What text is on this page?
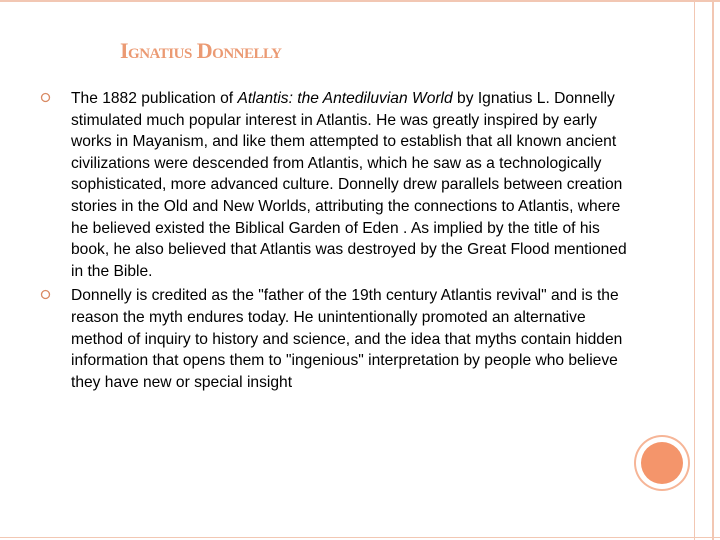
Ignatius Donnelly
The 1882 publication of Atlantis: the Antediluvian World by Ignatius L. Donnelly stimulated much popular interest in Atlantis. He was greatly inspired by early works in Mayanism, and like them attempted to establish that all known ancient civilizations were descended from Atlantis, which he saw as a technologically sophisticated, more advanced culture. Donnelly drew parallels between creation stories in the Old and New Worlds, attributing the connections to Atlantis, where he believed existed the Biblical Garden of Eden . As implied by the title of his book, he also believed that Atlantis was destroyed by the Great Flood mentioned in the Bible.
Donnelly is credited as the "father of the 19th century Atlantis revival" and is the reason the myth endures today. He unintentionally promoted an alternative method of inquiry to history and science, and the idea that myths contain hidden information that opens them to "ingenious" interpretation by people who believe they have new or special insight
